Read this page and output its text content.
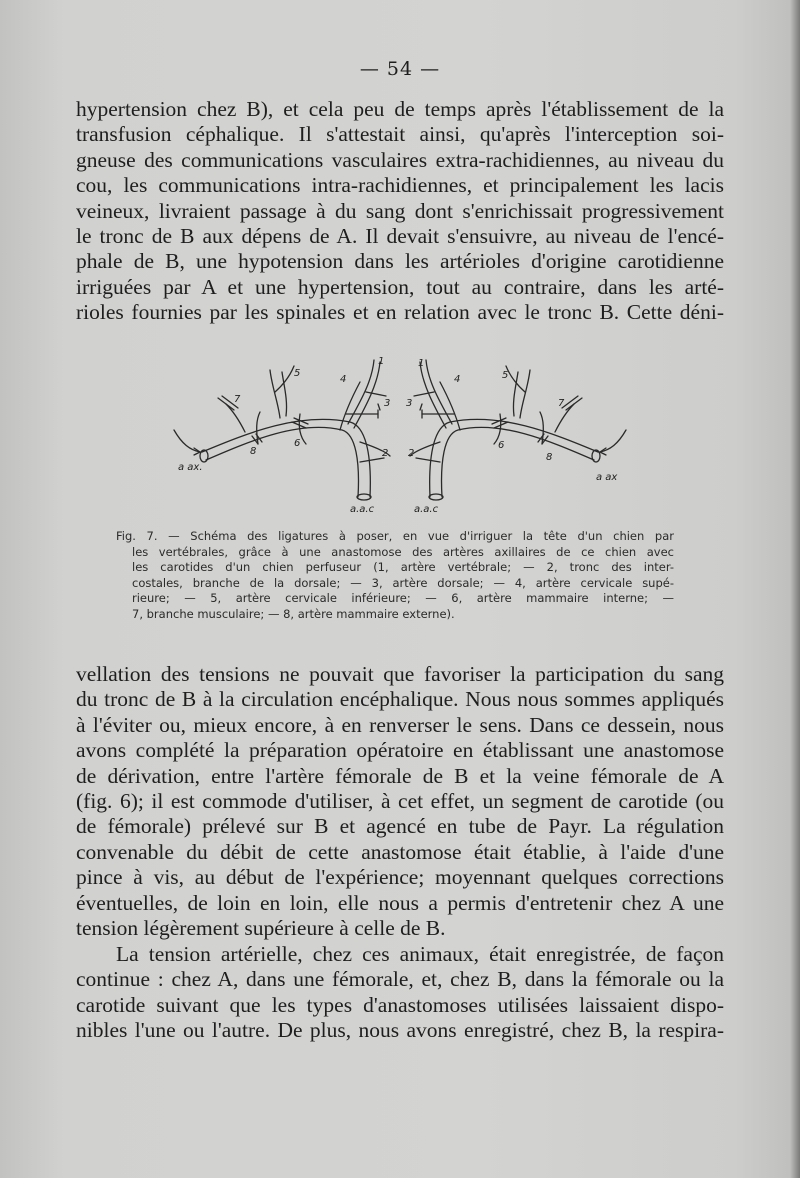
— 54 —
hypertension chez B), et cela peu de temps après l'établissement de la
transfusion céphalique. Il s'attestait ainsi, qu'après l'interception soi-
gneuse des communications vasculaires extra-rachidiennes, au niveau du
cou, les communications intra-rachidiennes, et principalement les lacis
veineux, livraient passage à du sang dont s'enrichissait progressivement
le tronc de B aux dépens de A. Il devait s'ensuivre, au niveau de l'encé-
phale de B, une hypotension dans les artérioles d'origine carotidienne
irriguées par A et une hypertension, tout au contraire, dans les arté-
rioles fournies par les spinales et en relation avec le tronc B. Cette déni-
a ax.
a ax
a.a.c	a.a.c
1	1
2 2
3 3
4	4
5	5
6	6
7	7
8
8
Fig. 7. — Schéma des ligatures à poser, en vue d'irriguer la tête d'un chien par
les vertébrales, grâce à une anastomose des artères axillaires de ce chien avec
les carotides d'un chien perfuseur (1, artère vertébrale; — 2, tronc des inter-
costales, branche de la dorsale; — 3, artère dorsale; — 4, artère cervicale supé-
rieure; — 5, artère cervicale inférieure; — 6, artère mammaire interne; —
7, branche musculaire; — 8, artère mammaire externe).
vellation des tensions ne pouvait que favoriser la participation du sang
du tronc de B à la circulation encéphalique. Nous nous sommes appliqués
à l'éviter ou, mieux encore, à en renverser le sens. Dans ce dessein, nous
avons complété la préparation opératoire en établissant une anastomose
de dérivation, entre l'artère fémorale de B et la veine fémorale de A
(fig. 6); il est commode d'utiliser, à cet effet, un segment de carotide (ou
de fémorale) prélevé sur B et agencé en tube de Payr. La régulation
convenable du débit de cette anastomose était établie, à l'aide d'une
pince à vis, au début de l'expérience; moyennant quelques corrections
éventuelles, de loin en loin, elle nous a permis d'entretenir chez A une
tension légèrement supérieure à celle de B.
La tension artérielle, chez ces animaux, était enregistrée, de façon
continue : chez A, dans une fémorale, et, chez B, dans la fémorale ou la
carotide suivant que les types d'anastomoses utilisées laissaient dispo-
nibles l'une ou l'autre. De plus, nous avons enregistré, chez B, la respira-
